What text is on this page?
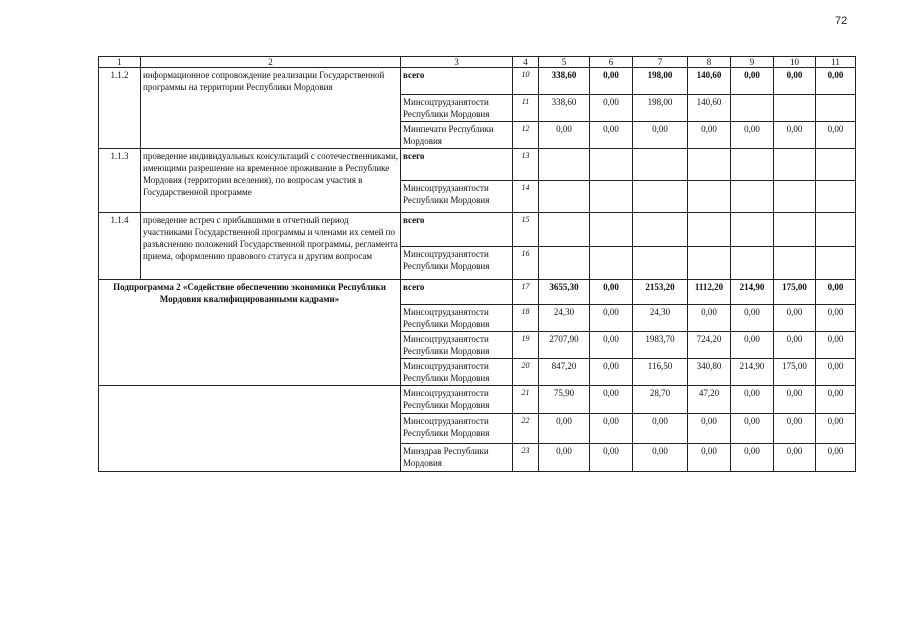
72
1	2	3	4	5	6	7	8	9	10	11
1.1.2	информационное сопровождение реализации Государственной программы на территории Республики Мордовия	всего	10	338,60	0,00	198,00	140,60	0,00	0,00	0,00
		Минсоцтрудзанятости Республики Мордовия	11	338,60	0,00	198,00	140,60			
		Минпечати Республики Мордовия	12	0,00	0,00	0,00	0,00	0,00	0,00	0,00
1.1.3	проведение индивидуальных консультаций с соотечественниками, имеющими разрешение на временное проживание в Республике Мордовия (территории вселения), по вопросам участия в Государственной программе	всего	13							
		Минсоцтрудзанятости Республики Мордовия	14							
1.1.4	проведение встреч с прибывшими в отчетный период участниками Государственной программы и членами их семей по разъяснению положений Государственной программы, регламента приема, оформлению правового статуса и другим вопросам	всего	15							
		Минсоцтрудзанятости Республики Мордовия	16							
Подпрограмма 2 «Содействие обеспечению экономики Республики Мордовия квалифицированными кадрами»		всего	17	3655,30	0,00	2153,20	1112,20	214,90	175,00	0,00
		Минсоцтрудзанятости Республики Мордовия	18	24,30	0,00	24,30	0,00	0,00	0,00	0,00
		Минсоцтрудзанятости Республики Мордовия	19	2707,90	0,00	1983,70	724,20	0,00	0,00	0,00
		Минсоцтрудзанятости Республики Мордовия	20	847,20	0,00	116,50	340,80	214,90	175,00	0,00
		Минсоцтрудзанятости Республики Мордовия	21	75,90	0,00	28,70	47,20	0,00	0,00	0,00
		Минсоцтрудзанятости Республики Мордовия	22	0,00	0,00	0,00	0,00	0,00	0,00	0,00
		Минздрав Республики Мордовия	23	0,00	0,00	0,00	0,00	0,00	0,00	0,00
